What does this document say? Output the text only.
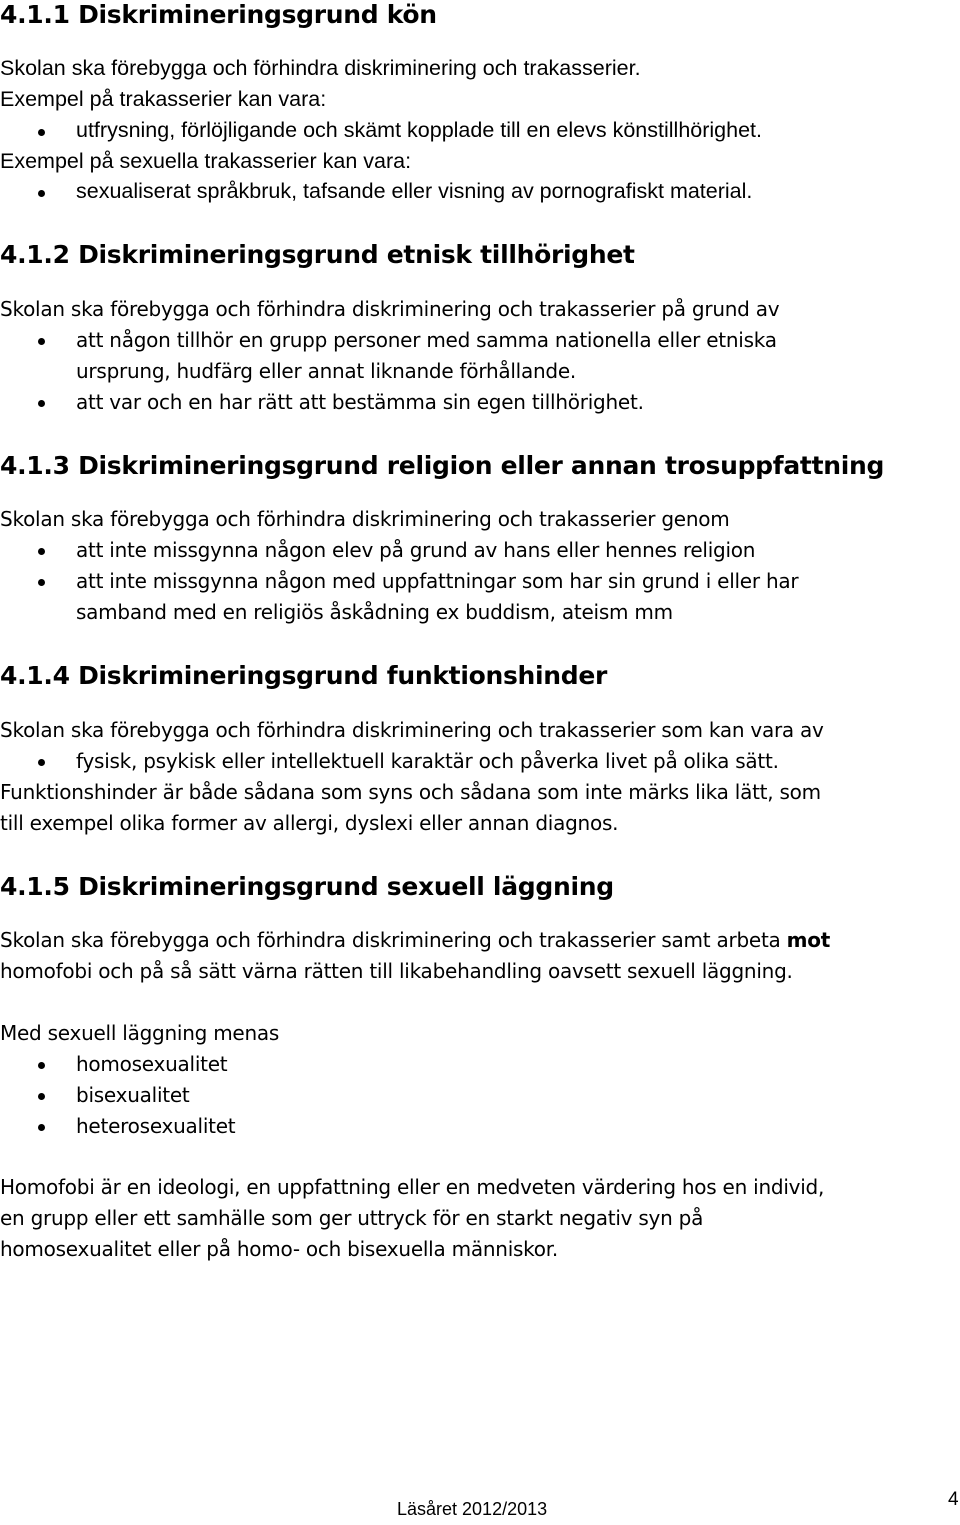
4.1.1 Diskrimineringsgrund kön
Skolan ska förebygga och förhindra diskriminering och trakasserier.
Exempel på trakasserier kan vara:
utfrysning, förlöjligande och skämt kopplade till en elevs könstillhörighet.
Exempel på sexuella trakasserier kan vara:
sexualiserat språkbruk, tafsande eller visning av pornografiskt material.
4.1.2 Diskrimineringsgrund etnisk tillhörighet
Skolan ska förebygga och förhindra diskriminering och trakasserier på grund av
att någon tillhör en grupp personer med samma nationella eller etniska
ursprung, hudfärg eller annat liknande förhållande.
att var och en har rätt att bestämma sin egen tillhörighet.
4.1.3 Diskrimineringsgrund religion eller annan trosuppfattning
Skolan ska förebygga och förhindra diskriminering och trakasserier genom
att inte missgynna någon elev på grund av hans eller hennes religion
att inte missgynna någon med uppfattningar som har sin grund i eller har
samband med en religiös åskådning ex buddism, ateism mm
4.1.4 Diskrimineringsgrund funktionshinder
Skolan ska förebygga och förhindra diskriminering och trakasserier som kan vara av
fysisk, psykisk eller intellektuell karaktär och påverka livet på olika sätt.
Funktionshinder är både sådana som syns och sådana som inte märks lika lätt, som
till exempel olika former av allergi, dyslexi eller annan diagnos.
4.1.5 Diskrimineringsgrund sexuell läggning
Skolan ska förebygga och förhindra diskriminering och trakasserier samt arbeta mot
homofobi och på så sätt värna rätten till likabehandling oavsett sexuell läggning.
Med sexuell läggning menas
homosexualitet
bisexualitet
heterosexualitet
Homofobi är en ideologi, en uppfattning eller en medveten värdering hos en individ,
en grupp eller ett samhälle som ger uttryck för en starkt negativ syn på
homosexualitet eller på homo- och bisexuella människor.
4
Läsåret 2012/2013
